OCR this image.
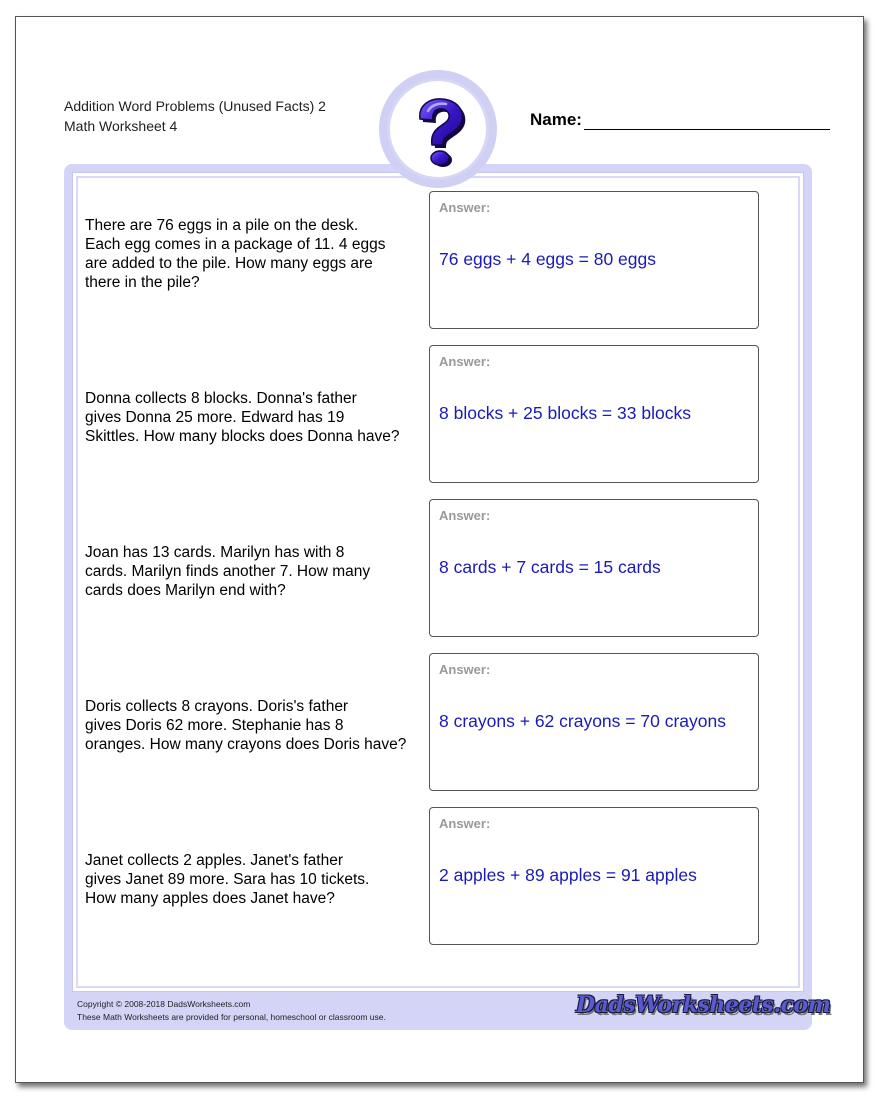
Addition Word Problems (Unused Facts) 2
Math Worksheet 4	Name:
There are 76 eggs in a pile on the desk.
Each egg comes in a package of 11. 4 eggs
are added to the pile. How many eggs are
there in the pile?
Answer:
76 eggs + 4 eggs = 80 eggs
Donna collects 8 blocks. Donna's father
gives Donna 25 more. Edward has 19
Skittles. How many blocks does Donna have?
Answer:
8 blocks + 25 blocks = 33 blocks
Joan has 13 cards. Marilyn has with 8
cards. Marilyn finds another 7. How many
cards does Marilyn end with?
Answer:
8 cards + 7 cards = 15 cards
Doris collects 8 crayons. Doris's father
gives Doris 62 more. Stephanie has 8
oranges. How many crayons does Doris have?
Answer:
8 crayons + 62 crayons = 70 crayons
Janet collects 2 apples. Janet's father
gives Janet 89 more. Sara has 10 tickets.
How many apples does Janet have?
Answer:
2 apples + 89 apples = 91 apples
Copyright © 2008-2018 DadsWorksheets.com
These Math Worksheets are provided for personal, homeschool or classroom use.	DadsWorksheets.com
